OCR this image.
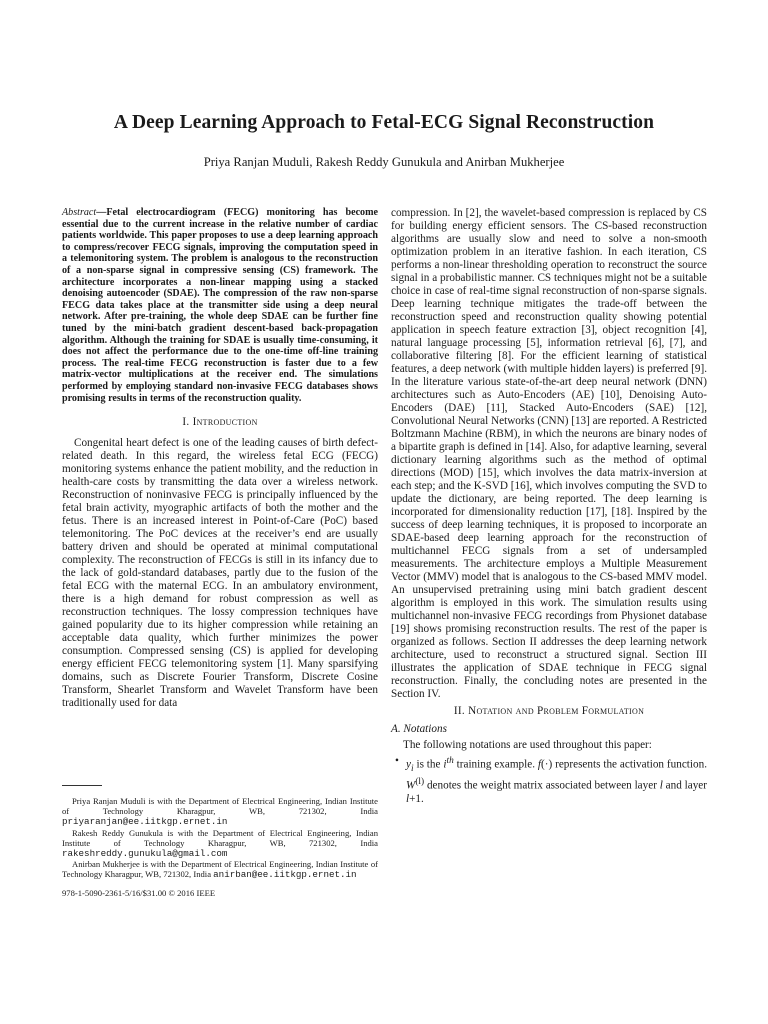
A Deep Learning Approach to Fetal-ECG Signal Reconstruction
Priya Ranjan Muduli, Rakesh Reddy Gunukula and Anirban Mukherjee

Abstract—Fetal electrocardiogram (FECG) monitoring has become essential due to the current increase in the relative number of cardiac patients worldwide. This paper proposes to use a deep learning approach to compress/recover FECG signals, improving the computation speed in a telemonitoring system. The problem is analogous to the reconstruction of a non-sparse signal in compressive sensing (CS) framework. The architecture incorporates a non-linear mapping using a stacked denoising autoencoder (SDAE). The compression of the raw non-sparse FECG data takes place at the transmitter side using a deep neural network. After pre-training, the whole deep SDAE can be further fine tuned by the mini-batch gradient descent-based back-propagation algorithm. Although the training for SDAE is usually time-consuming, it does not affect the performance due to the one-time off-line training process. The real-time FECG reconstruction is faster due to a few matrix-vector multiplications at the receiver end. The simulations performed by employing standard non-invasive FECG databases shows promising results in terms of the reconstruction quality.

I. Introduction

Congenital heart defect is one of the leading causes of birth defect-related death. In this regard, the wireless fetal ECG (FECG) monitoring systems enhance the patient mobility, and the reduction in health-care costs by transmitting the data over a wireless network. Reconstruction of noninvasive FECG is principally influenced by the fetal brain activity, myographic artifacts of both the mother and the fetus. There is an increased interest in Point-of-Care (PoC) based telemonitoring. The PoC devices at the receiver’s end are usually battery driven and should be operated at minimal computational complexity. The reconstruction of FECGs is still in its infancy due to the lack of gold-standard databases, partly due to the fusion of the fetal ECG with the maternal ECG. In an ambulatory environment, there is a high demand for robust compression as well as reconstruction techniques. The lossy compression techniques have gained popularity due to its higher compression while retaining an acceptable data quality, which further minimizes the power consumption. Compressed sensing (CS) is applied for developing energy efficient FECG telemonitoring system [1]. Many sparsifying domains, such as Discrete Fourier Transform, Discrete Cosine Transform, Shearlet Transform and Wavelet Transform have been traditionally used for data

Priya Ranjan Muduli is with the Department of Electrical Engineering, Indian Institute of Technology Kharagpur, WB, 721302, India priyaranjan@ee.iitkgp.ernet.in

Rakesh Reddy Gunukula is with the Department of Electrical Engineering, Indian Institute of Technology Kharagpur, WB, 721302, India rakeshreddy.gunukula@gmail.com

Anirban Mukherjee is with the Department of Electrical Engineering, Indian Institute of Technology Kharagpur, WB, 721302, India anirban@ee.iitkgp.ernet.in

978-1-5090-2361-5/16/$31.00 © 2016 IEEE

compression. In [2], the wavelet-based compression is replaced by CS for building energy efficient sensors. The CS-based reconstruction algorithms are usually slow and need to solve a non-smooth optimization problem in an iterative fashion. In each iteration, CS performs a non-linear thresholding operation to reconstruct the source signal in a probabilistic manner. CS techniques might not be a suitable choice in case of real-time signal reconstruction of non-sparse signals. Deep learning technique mitigates the trade-off between the reconstruction speed and reconstruction quality showing potential application in speech feature extraction [3], object recognition [4], natural language processing [5], information retrieval [6], [7], and collaborative filtering [8]. For the efficient learning of statistical features, a deep network (with multiple hidden layers) is preferred [9]. In the literature various state-of-the-art deep neural network (DNN) architectures such as Auto-Encoders (AE) [10], Denoising Auto-Encoders (DAE) [11], Stacked Auto-Encoders (SAE) [12], Convolutional Neural Networks (CNN) [13] are reported. A Restricted Boltzmann Machine (RBM), in which the neurons are binary nodes of a bipartite graph is defined in [14]. Also, for adaptive learning, several dictionary learning algorithms such as the method of optimal directions (MOD) [15], which involves the data matrix-inversion at each step; and the K-SVD [16], which involves computing the SVD to update the dictionary, are being reported. The deep learning is incorporated for dimensionality reduction [17], [18]. Inspired by the success of deep learning techniques, it is proposed to incorporate an SDAE-based deep learning approach for the reconstruction of multichannel FECG signals from a set of undersampled measurements. The architecture employs a Multiple Measurement Vector (MMV) model that is analogous to the CS-based MMV model. An unsupervised pretraining using mini batch gradient descent algorithm is employed in this work. The simulation results using multichannel non-invasive FECG recordings from Physionet database [19] shows promising reconstruction results. The rest of the paper is organized as follows. Section II addresses the deep learning network architecture, used to reconstruct a structured signal. Section III illustrates the application of SDAE technique in FECG signal reconstruction. Finally, the concluding notes are presented in the Section IV.

II. Notation and Problem Formulation
A. Notations

The following notations are used throughout this paper:

• $y_i$ is the $i^{th}$ training example. f(·) represents the activation function. $W^{(l)}$ denotes the weight matrix associated between layer l and layer l+1.
